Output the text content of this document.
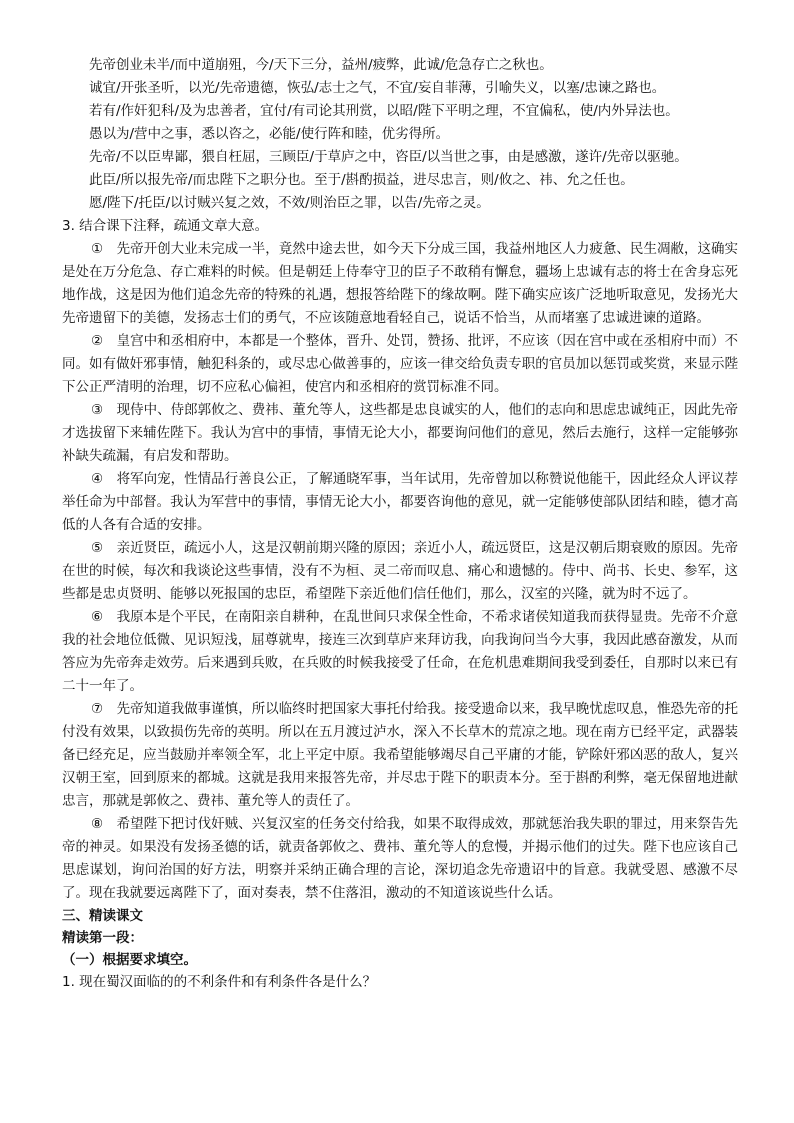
先帝创业未半/而中道崩殂，今/天下三分，益州/疲弊，此诚/危急存亡之秋也。

诚宜/开张圣听，以光/先帝遗德，恢弘/志士之气，不宜/妄自菲薄，引喻失义，以塞/忠谏之路也。

若有/作奸犯科/及为忠善者，宜付/有司论其刑赏，以昭/陛下平明之理，不宜偏私，使/内外异法也。

愚以为/营中之事，悉以咨之，必能/使行阵和睦，优劣得所。

先帝/不以臣卑鄙，猥自枉屈，三顾臣/于草庐之中，咨臣/以当世之事，由是感激，遂许/先帝以驱驰。

此臣/所以报先帝/而忠陛下之职分也。至于/斟酌损益，进尽忠言，则/攸之、祎、允之任也。

愿/陛下/托臣/以讨贼兴复之效，不效/则治臣之罪，以告/先帝之灵。

3. 结合课下注释，疏通文章大意。

①　先帝开创大业未完成一半，竟然中途去世，如今天下分成三国，我益州地区人力疲惫、民生凋敝，这确实是处在万分危急、存亡难料的时候。但是朝廷上侍奉守卫的臣子不敢稍有懈怠，疆场上忠诚有志的将士在舍身忘死地作战，这是因为他们追念先帝的特殊的礼遇，想报答给陛下的缘故啊。陛下确实应该广泛地听取意见，发扬光大先帝遗留下的美德，发扬志士们的勇气，不应该随意地看轻自己，说话不恰当，从而堵塞了忠诚进谏的道路。

②　皇宫中和丞相府中，本都是一个整体，晋升、处罚，赞扬、批评，不应该（因在宫中或在丞相府中而）不同。如有做奸邪事情，触犯科条的，或尽忠心做善事的，应该一律交给负责专职的官员加以惩罚或奖赏，来显示陛下公正严清明的治理，切不应私心偏袒，使宫内和丞相府的赏罚标准不同。

③　现侍中、侍郎郭攸之、费祎、董允等人，这些都是忠良诚实的人，他们的志向和思虑忠诚纯正，因此先帝才选拔留下来辅佐陛下。我认为宫中的事情，事情无论大小，都要询问他们的意见，然后去施行，这样一定能够弥补缺失疏漏，有启发和帮助。

④　将军向宠，性情品行善良公正，了解通晓军事，当年试用，先帝曾加以称赞说他能干，因此经众人评议荐举任命为中部督。我认为军营中的事情，事情无论大小，都要咨询他的意见，就一定能够使部队团结和睦，德才高低的人各有合适的安排。

⑤　亲近贤臣，疏远小人，这是汉朝前期兴隆的原因；亲近小人，疏远贤臣，这是汉朝后期衰败的原因。先帝在世的时候，每次和我谈论这些事情，没有不为桓、灵二帝而叹息、痛心和遗憾的。侍中、尚书、长史、参军，这些都是忠贞贤明、能够以死报国的忠臣，希望陛下亲近他们信任他们，那么，汉室的兴隆，就为时不远了。

⑥　我原本是个平民，在南阳亲自耕种，在乱世间只求保全性命，不希求诸侯知道我而获得显贵。先帝不介意我的社会地位低微、见识短浅，屈尊就卑，接连三次到草庐来拜访我，向我询问当今大事，我因此感奋激发，从而答应为先帝奔走效劳。后来遇到兵败，在兵败的时候我接受了任命，在危机患难期间我受到委任，自那时以来已有二十一年了。

⑦　先帝知道我做事谨慎，所以临终时把国家大事托付给我。接受遗命以来，我早晚忧虑叹息，惟恐先帝的托付没有效果，以致损伤先帝的英明。所以在五月渡过泸水，深入不长草木的荒凉之地。现在南方已经平定，武器装备已经充足，应当鼓励并率领全军，北上平定中原。我希望能够竭尽自己平庸的才能，铲除奸邪凶恶的敌人，复兴汉朝王室，回到原来的都城。这就是我用来报答先帝，并尽忠于陛下的职责本分。至于斟酌利弊，毫无保留地进献忠言，那就是郭攸之、费祎、董允等人的责任了。

⑧　希望陛下把讨伐奸贼、兴复汉室的任务交付给我，如果不取得成效，那就惩治我失职的罪过，用来祭告先帝的神灵。如果没有发扬圣德的话，就责备郭攸之、费祎、董允等人的怠慢，并揭示他们的过失。陛下也应该自己思虑谋划，询问治国的好方法，明察并采纳正确合理的言论，深切追念先帝遗诏中的旨意。我就受恩、感激不尽了。现在我就要远离陛下了，面对奏表，禁不住落泪，激动的不知道该说些什么话。

三、精读课文

精读第一段：

（一）根据要求填空。

1. 现在蜀汉面临的的不利条件和有利条件各是什么？
